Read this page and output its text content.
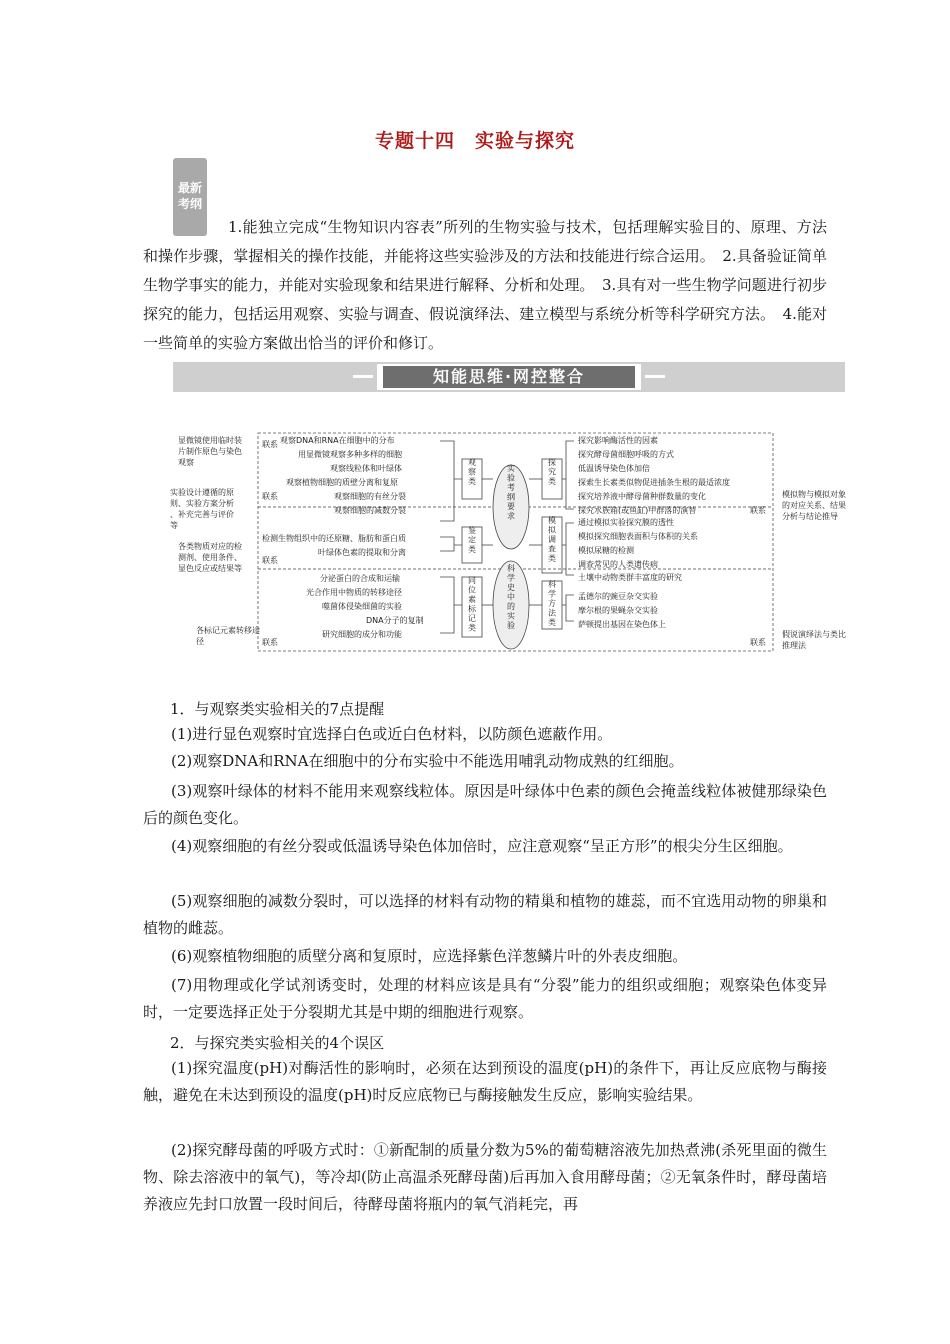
专题十四　实验与探究
最新
考纲
1.能独立完成“生物知识内容表”所列的生物实验与技术，包括理解实验目的、原理、方法和操作步骤，掌握相关的操作技能，并能将这些实验涉及的方法和技能进行综合运用。　2.具备验证简单生物学事实的能力，并能对实验现象和结果进行解释、分析和处理。　3.具有对一些生物学问题进行初步探究的能力，包括运用观察、实验与调查、假说演绎法、建立模型与系统分析等科学研究方法。　4.能对一些简单的实验方案做出恰当的评价和修订。
知能思维·网控整合
显微镜使用临时装片制作原色与染色观察
实验设计遵循的原则、实验方案分析、补充完善与评价等
各类物质对应的检测剂、使用条件、显色反应或结果等
各标记元素转移途径
模拟物与模拟对象的对应关系、结果分析与结论推导
假说演绎法与类比推理法
联系
联系
联系
联系
联系
联系
观察DNA和RNA在细胞中的分布
用显微镜观察多种多样的细胞
观察线粒体和叶绿体
观察植物细胞的质壁分离和复原
观察细胞的有丝分裂
观察细胞的减数分裂
检测生物组织中的还原糖、脂肪和蛋白质
叶绿体色素的提取和分离
分泌蛋白的合成和运输
光合作用中物质的转移途径
噬菌体侵染细菌的实验
DNA分子的复制
研究细胞的成分和功能
探究影响酶活性的因素
探究酵母菌细胞呼吸的方式
低温诱导染色体加倍
探索生长素类似物促进插条生根的最适浓度
探究培养液中酵母菌种群数量的变化
探究水族箱(或鱼缸)中群落的演替
通过模拟实验探究膜的透性
模拟探究细胞表面积与体积的关系
模拟尿糖的检测
调查常见的人类遗传病
土壤中动物类群丰富度的研究
孟德尔的豌豆杂交实验
摩尔根的果蝇杂交实验
萨顿提出基因在染色体上
观察类
鉴定类
同位素标记类
探究类
模拟调查类
科学方法类
实验考纲要求
科学史中的实验
1．与观察类实验相关的7点提醒
(1)进行显色观察时宜选择白色或近白色材料，以防颜色遮蔽作用。
(2)观察DNA和RNA在细胞中的分布实验中不能选用哺乳动物成熟的红细胞。
(3)观察叶绿体的材料不能用来观察线粒体。原因是叶绿体中色素的颜色会掩盖线粒体被健那绿染色后的颜色变化。
(4)观察细胞的有丝分裂或低温诱导染色体加倍时，应注意观察“呈正方形”的根尖分生区细胞。
(5)观察细胞的减数分裂时，可以选择的材料有动物的精巢和植物的雄蕊，而不宜选用动物的卵巢和植物的雌蕊。
(6)观察植物细胞的质壁分离和复原时，应选择紫色洋葱鳞片叶的外表皮细胞。
(7)用物理或化学试剂诱变时，处理的材料应该是具有“分裂”能力的组织或细胞；观察染色体变异时，一定要选择正处于分裂期尤其是中期的细胞进行观察。
2．与探究类实验相关的4个误区
(1)探究温度(pH)对酶活性的影响时，必须在达到预设的温度(pH)的条件下，再让反应底物与酶接触，避免在未达到预设的温度(pH)时反应底物已与酶接触发生反应，影响实验结果。
(2)探究酵母菌的呼吸方式时：①新配制的质量分数为5%的葡萄糖溶液先加热煮沸(杀死里面的微生物、除去溶液中的氧气)，等冷却(防止高温杀死酵母菌)后再加入食用酵母菌；②无氧条件时，酵母菌培养液应先封口放置一段时间后，待酵母菌将瓶内的氧气消耗完，再
